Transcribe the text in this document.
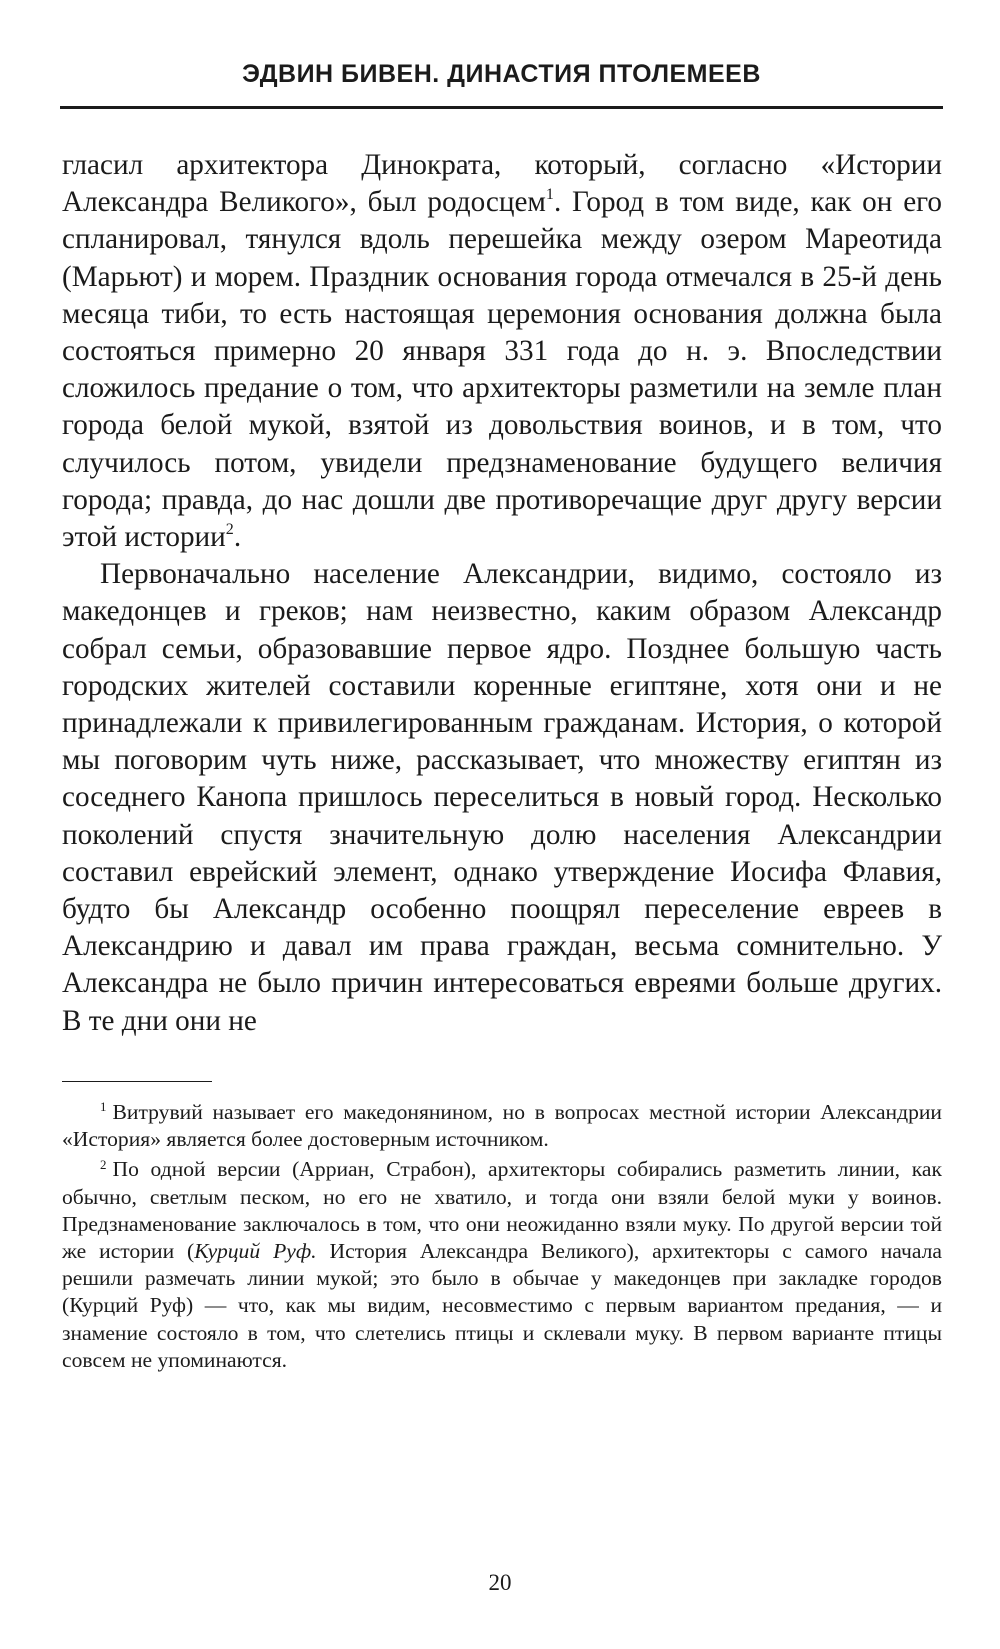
ЭДВИН БИВЕН. ДИНАСТИЯ ПТОЛЕМЕЕВ

гласил архитектора Динократа, который, согласно «Истории Александра Великого», был родосцем$^1$. Город в том виде, как он его спланировал, тянулся вдоль перешейка между озером Мареотида (Марьют) и морем. Праздник основания города отмечался в 25-й день месяца тиби, то есть настоящая церемония основания должна была состояться примерно 20 января 331 года до н. э. Впоследствии сложилось предание о том, что архитекторы разметили на земле план города белой мукой, взятой из довольствия воинов, и в том, что случилось потом, увидели предзнаменование будущего величия города; правда, до нас дошли две противоречащие друг другу версии этой истории$^2$.

Первоначально население Александрии, видимо, состояло из македонцев и греков; нам неизвестно, каким образом Александр собрал семьи, образовавшие первое ядро. Позднее большую часть городских жителей составили коренные египтяне, хотя они и не принадлежали к привилегированным гражданам. История, о которой мы поговорим чуть ниже, рассказывает, что множеству египтян из соседнего Канопа пришлось переселиться в новый город. Несколько поколений спустя значительную долю населения Александрии составил еврейский элемент, однако утверждение Иосифа Флавия, будто бы Александр особенно поощрял переселение евреев в Александрию и давал им права граждан, весьма сомнительно. У Александра не было причин интересоваться евреями больше других. В те дни они не

$^1$ Витрувий называет его македонянином, но в вопросах местной истории Александрии «История» является более достоверным источником.

$^2$ По одной версии (Арриан, Страбон), архитекторы собирались разметить линии, как обычно, светлым песком, но его не хватило, и тогда они взяли белой муки у воинов. Предзнаменование заключалось в том, что они неожиданно взяли муку. По другой версии той же истории (Курций Руф. История Александра Великого), архитекторы с самого начала решили размечать линии мукой; это было в обычае у македонцев при закладке городов (Курций Руф) — что, как мы видим, несовместимо с первым вариантом предания, — и знамение состояло в том, что слетелись птицы и склевали муку. В первом варианте птицы совсем не упоминаются.

20
